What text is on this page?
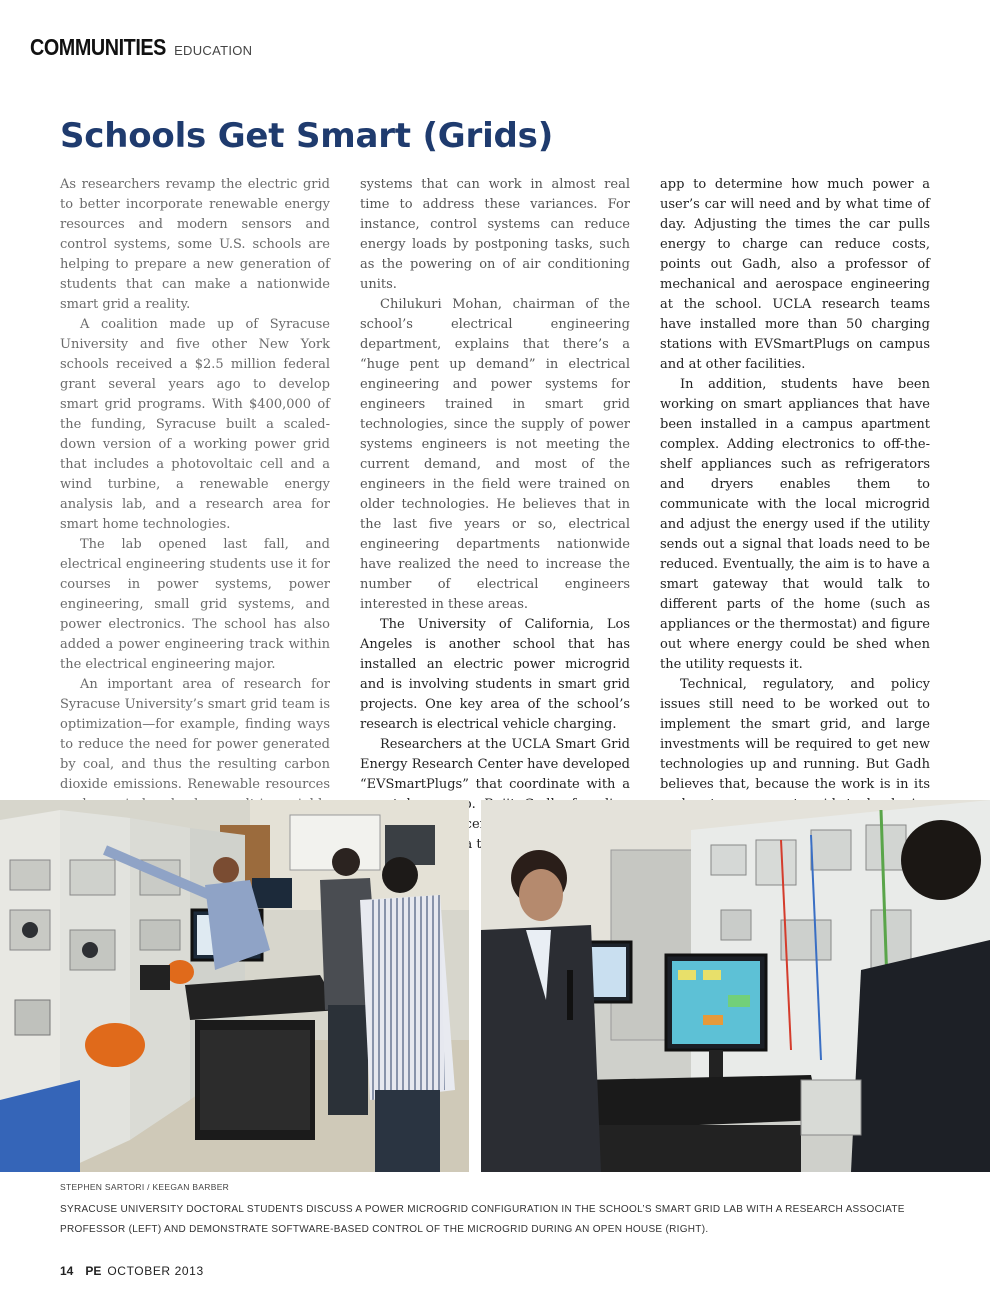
COMMUNITIES EDUCATION
Schools Get Smart (Grids)

As researchers revamp the electric grid to better incorporate renewable energy resources and modern sensors and control systems, some U.S. schools are helping to prepare a new generation of students that can make a nationwide smart grid a reality.

A coalition made up of Syracuse University and five other New York schools received a $2.5 million federal grant several years ago to develop smart grid programs. With $400,000 of the funding, Syracuse built a scaled-down version of a working power grid that includes a photovoltaic cell and a wind turbine, a renewable energy analysis lab, and a research area for smart home technologies.

The lab opened last fall, and electrical engineering students use it for courses in power systems, power engineering, small grid systems, and power electronics. The school has also added a power engineering track within the electrical engineering major.

An important area of research for Syracuse University’s smart grid team is optimization—for example, finding ways to reduce the need for power generated by coal, and thus the resulting carbon dioxide emissions. Renewable resources

systems that can work in almost real time to address these variances. For instance, control systems can reduce energy loads by postponing tasks, such as the powering on of air conditioning units.

Chilukuri Mohan, chairman of the school’s electrical engineering department, explains that there’s a “huge pent up demand” in electrical engineering and power systems for engineers trained in smart grid technologies, since the supply of power systems engineers is not meeting the current demand, and most of the engineers in the field were trained on older technologies. He believes that in the last five years or so, electrical engineering departments nationwide have realized the need to increase the number of electrical engineers interested in these areas.

The University of California, Los Angeles is another school that has installed an electric power microgrid and is involving students in smart grid projects. One key area of the school’s research is electrical vehicle charging.

Researchers at the UCLA Smart Grid Energy Research Center have developed “EVSmartPlugs” that coordinate with a

app to determine how much power a user’s car will need and by what time of day. Adjusting the times the car pulls energy to charge can reduce costs, points out Gadh, also a professor of mechanical and aerospace engineering at the school. UCLA research teams have installed more than 50 charging stations with EVSmartPlugs on campus and at other facilities.

In addition, students have been working on smart appliances that have been installed in a campus apartment complex. Adding electronics to off-the-shelf appliances such as refrigerators and dryers enables them to communicate with the local microgrid and adjust the energy used if the utility sends out a signal that loads need to be reduced. Eventually, the aim is to have a smart gateway that would talk to different parts of the home (such as appliances or the thermostat) and figure out where energy could be shed when the utility requests it.

Technical, regulatory, and policy issues still need to be worked out to implement the smart grid, and large investments will be required to get new technologies up and running. But Gadh believes that, because the work is in its

STEPHEN SARTORI / KEEGAN BARBER
SYRACUSE UNIVERSITY DOCTORAL STUDENTS DISCUSS A POWER MICROGRID CONFIGURATION IN THE SCHOOL’S SMART GRID LAB WITH A RESEARCH ASSOCIATE PROFESSOR (LEFT) AND DEMONSTRATE SOFTWARE-BASED CONTROL OF THE MICROGRID DURING AN OPEN HOUSE (RIGHT).
14 PE OCTOBER 2013
